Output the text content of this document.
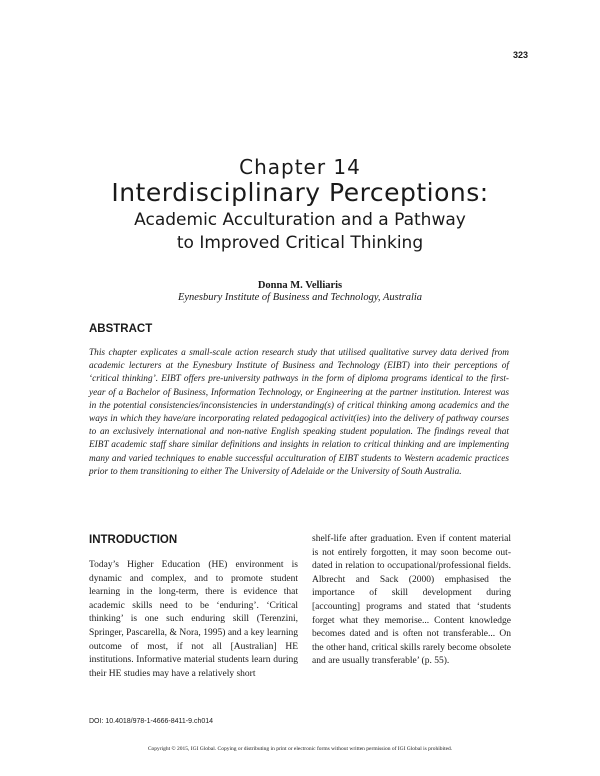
323
Chapter 14
Interdisciplinary Perceptions:
Academic Acculturation and a Pathway
to Improved Critical Thinking
Donna M. Velliaris
Eynesbury Institute of Business and Technology, Australia
ABSTRACT

This chapter explicates a small-scale action research study that utilised qualitative survey data derived from academic lecturers at the Eynesbury Institute of Business and Technology (EIBT) into their perceptions of ‘critical thinking’. EIBT offers pre-university pathways in the form of diploma programs identical to the first-year of a Bachelor of Business, Information Technology, or Engineering at the partner institution. Interest was in the potential consistencies/inconsistencies in understanding(s) of critical thinking among academics and the ways in which they have/are incorporating related pedagogical activit(ies) into the delivery of pathway courses to an exclusively international and non-native English speaking student population. The findings reveal that EIBT academic staff share similar definitions and insights in relation to critical thinking and are implementing many and varied techniques to enable successful acculturation of EIBT students to Western academic practices prior to them transitioning to either The University of Adelaide or the University of South Australia.

INTRODUCTION

Today’s Higher Education (HE) environment is dynamic and complex, and to promote student learning in the long-term, there is evidence that academic skills need to be ‘enduring’. ‘Critical thinking’ is one such enduring skill (Terenzini, Springer, Pascarella, & Nora, 1995) and a key learning outcome of most, if not all [Australian] HE institutions. Informative material students learn during their HE studies may have a relatively short

shelf-life after graduation. Even if content material is not entirely forgotten, it may soon become out-dated in relation to occupational/professional fields. Albrecht and Sack (2000) emphasised the importance of skill development during [accounting] programs and stated that ‘students forget what they memorise... Content knowledge becomes dated and is often not transferable... On the other hand, critical skills rarely become obsolete and are usually transferable’ (p. 55).

DOI: 10.4018/978-1-4666-8411-9.ch014
Copyright © 2015, IGI Global. Copying or distributing in print or electronic forms without written permission of IGI Global is prohibited.
